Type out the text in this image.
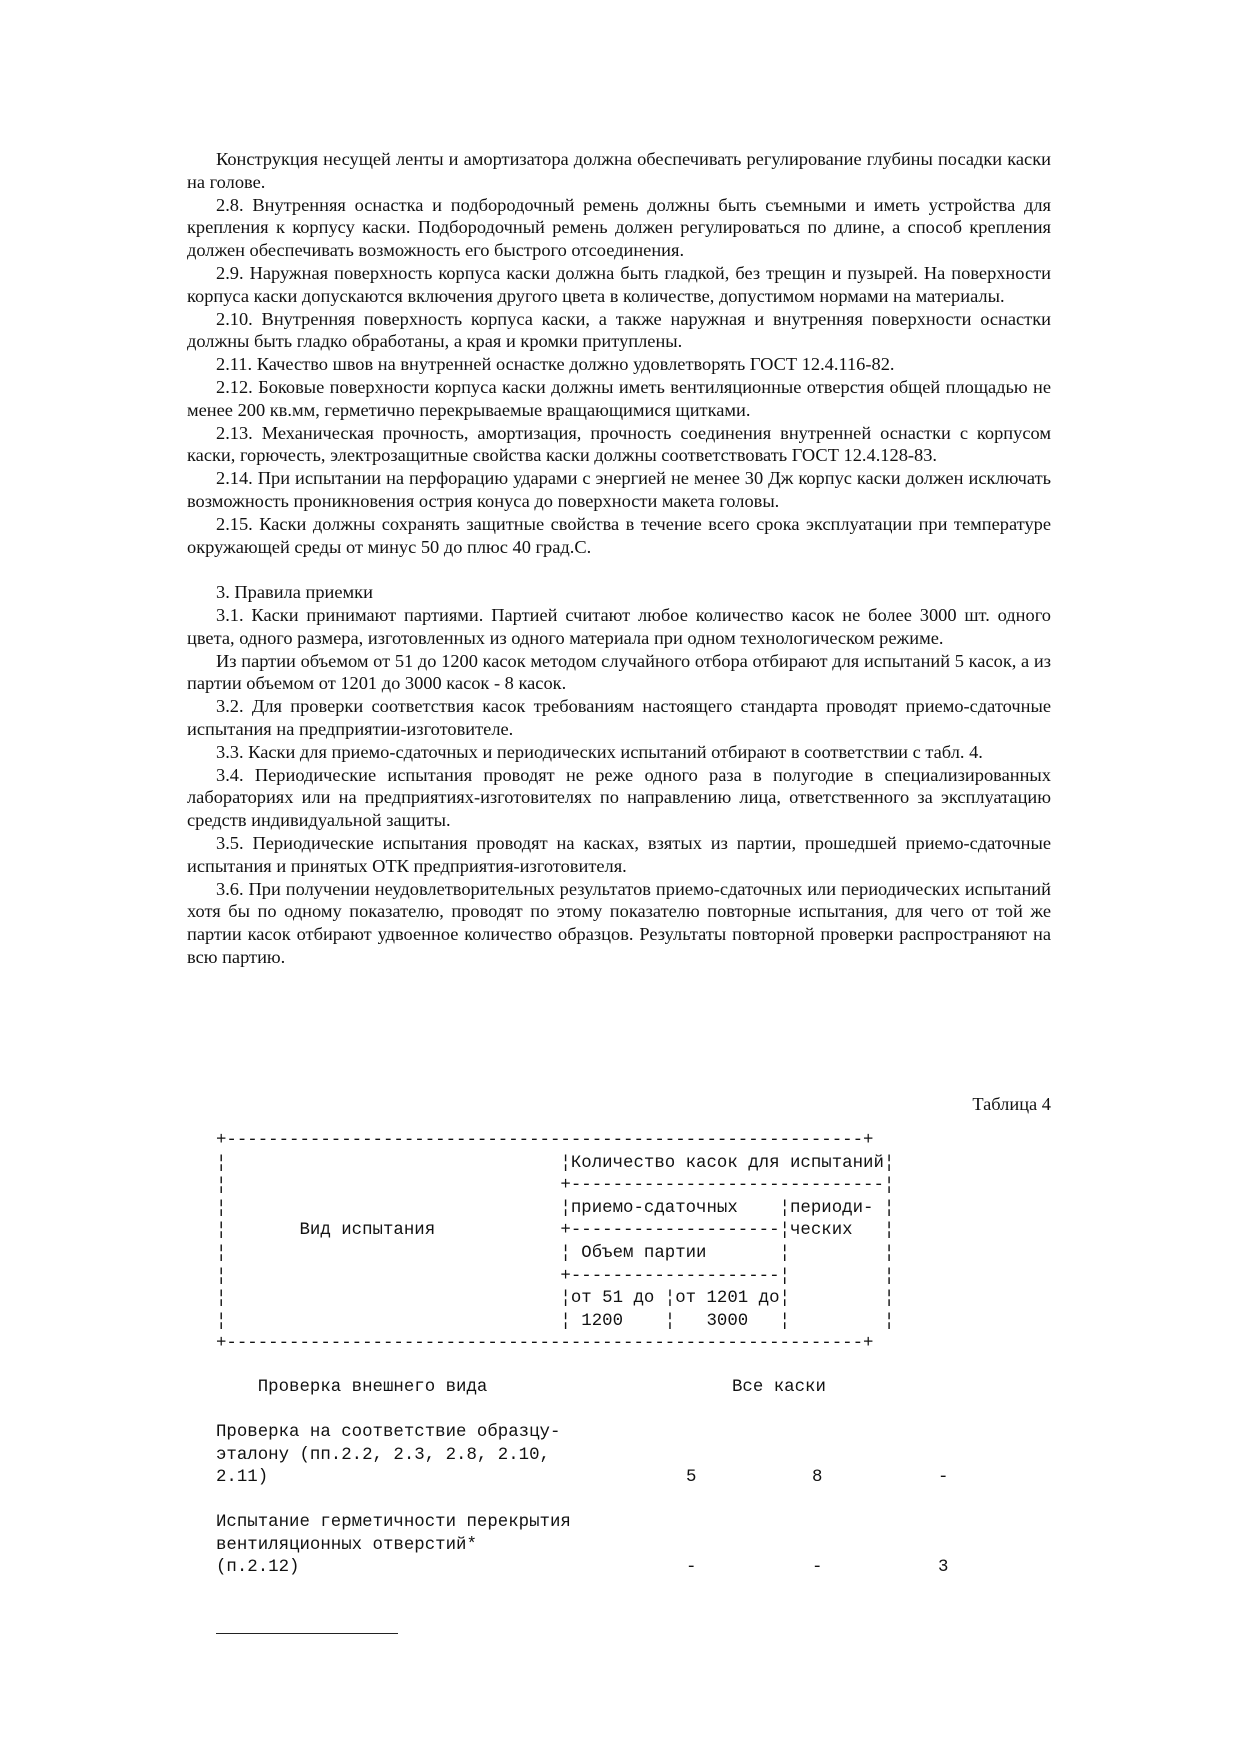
Конструкция несущей ленты и амортизатора должна обеспечивать регулирование глубины посадки каски на голове.

2.8. Внутренняя оснастка и подбородочный ремень должны быть съемными и иметь устройства для крепления к корпусу каски. Подбородочный ремень должен регулироваться по длине, а способ крепления должен обеспечивать возможность его быстрого отсоединения.

2.9. Наружная поверхность корпуса каски должна быть гладкой, без трещин и пузырей. На поверхности корпуса каски допускаются включения другого цвета в количестве, допустимом нормами на материалы.

2.10. Внутренняя поверхность корпуса каски, а также наружная и внутренняя поверхности оснастки должны быть гладко обработаны, а края и кромки притуплены.

2.11. Качество швов на внутренней оснастке должно удовлетворять ГОСТ 12.4.116-82.

2.12. Боковые поверхности корпуса каски должны иметь вентиляционные отверстия общей площадью не менее 200 кв.мм, герметично перекрываемые вращающимися щитками.

2.13. Механическая прочность, амортизация, прочность соединения внутренней оснастки с корпусом каски, горючесть, электрозащитные свойства каски должны соответствовать ГОСТ 12.4.128-83.

2.14. При испытании на перфорацию ударами с энергией не менее 30 Дж корпус каски должен исключать возможность проникновения острия конуса до поверхности макета головы.

2.15. Каски должны сохранять защитные свойства в течение всего срока эксплуатации при температуре окружающей среды от минус 50 до плюс 40 град.С.

3. Правила приемки

3.1. Каски принимают партиями. Партией считают любое количество касок не более 3000 шт. одного цвета, одного размера, изготовленных из одного материала при одном технологическом режиме.

Из партии объемом от 51 до 1200 касок методом случайного отбора отбирают для испытаний 5 касок, а из партии объемом от 1201 до 3000 касок - 8 касок.

3.2. Для проверки соответствия касок требованиям настоящего стандарта проводят приемо-сдаточные испытания на предприятии-изготовителе.

3.3. Каски для приемо-сдаточных и периодических испытаний отбирают в соответствии с табл. 4.

3.4. Периодические испытания проводят не реже одного раза в полугодие в специализированных лабораториях или на предприятиях-изготовителях по направлению лица, ответственного за эксплуатацию средств индивидуальной защиты.

3.5. Периодические испытания проводят на касках, взятых из партии, прошедшей приемо-сдаточные испытания и принятых ОТК предприятия-изготовителя.

3.6. При получении неудовлетворительных результатов приемо-сдаточных или периодических испытаний хотя бы по одному показателю, проводят по этому показателю повторные испытания, для чего от той же партии касок отбирают удвоенное количество образцов. Результаты повторной проверки распространяют на всю партию.

Таблица 4
+-------------------------------------------------------------+
¦                                ¦Количество касок для испытаний¦
¦                                +------------------------------¦
¦                                ¦приемо-сдаточных    ¦периоди- ¦
¦       Вид испытания            +--------------------¦ческих   ¦
¦                                ¦ Объем партии       ¦         ¦
¦                                +--------------------¦         ¦
¦                                ¦от 51 до ¦от 1201 до¦         ¦
¦                                ¦ 1200    ¦   3000   ¦         ¦
+-------------------------------------------------------------+
Проверка внешнего вида	Все каски
Проверка на соответствие образцу-
эталону (пп.2.2, 2.3, 2.8, 2.10,
2.11)	5	8	-
Испытание герметичности перекрытия
вентиляционных отверстий*
(п.2.12)	-	-	3
